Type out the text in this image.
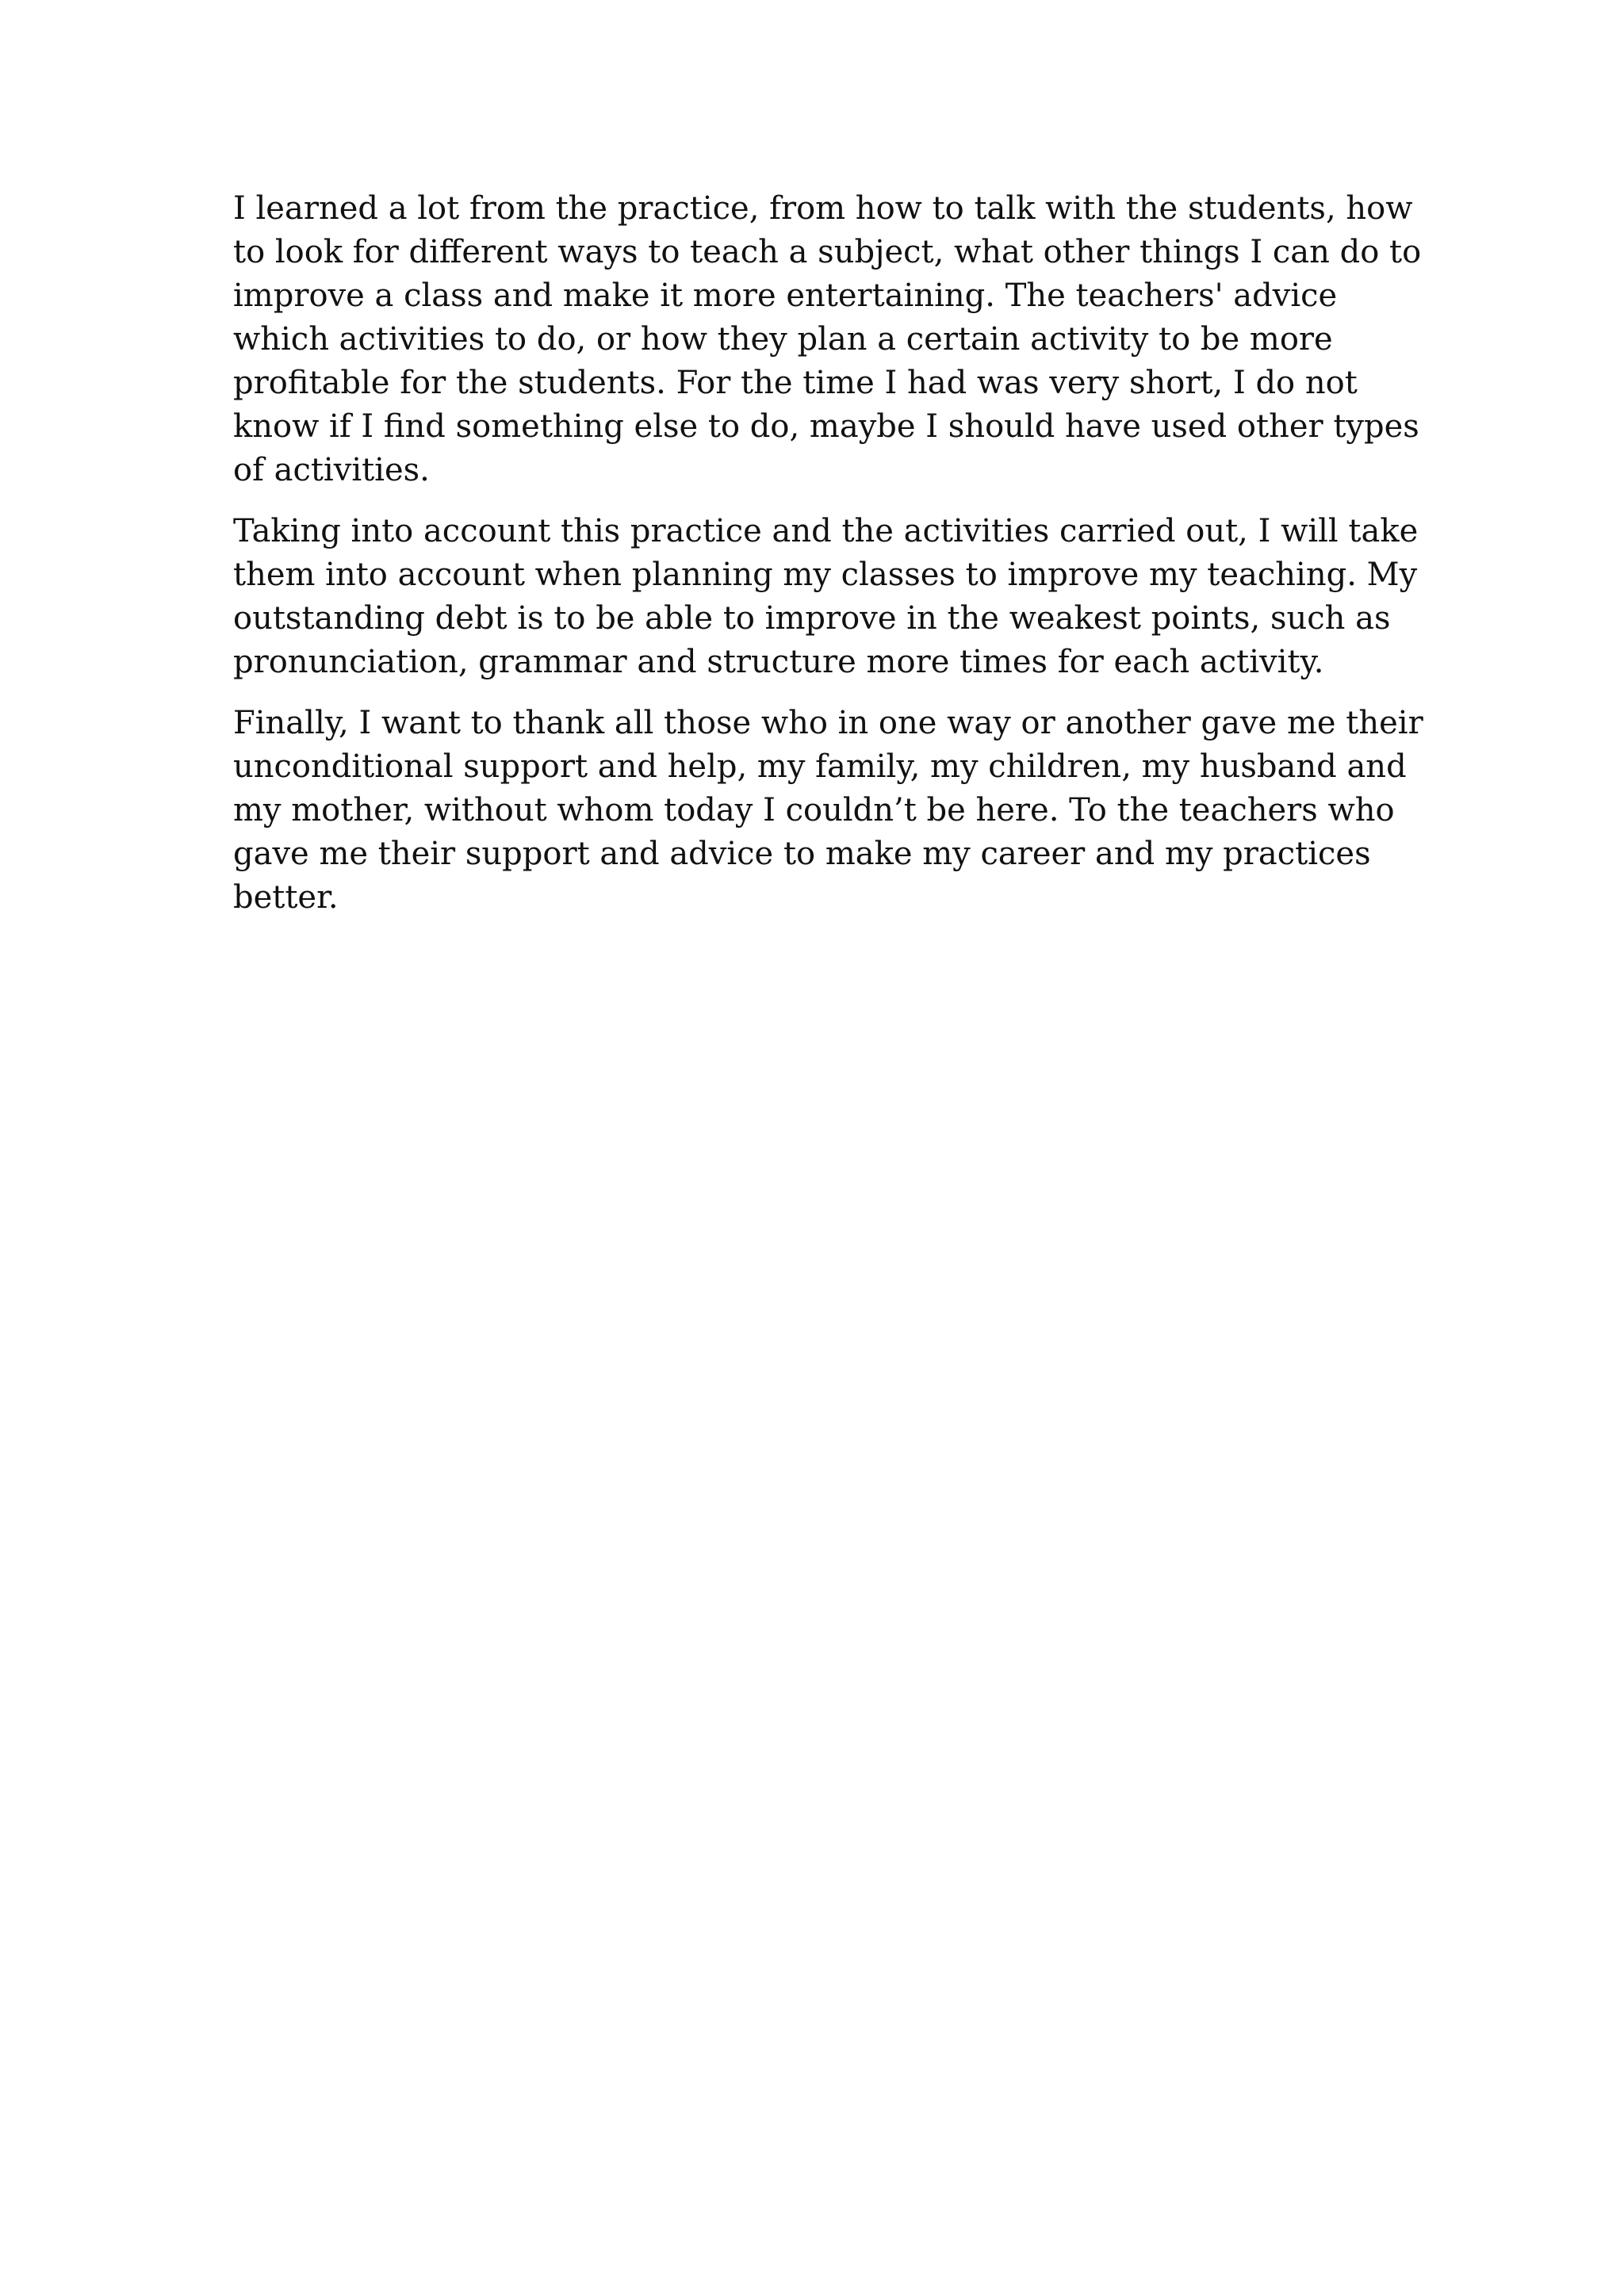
I learned a lot from the practice, from how to talk with the students, how
to look for different ways to teach a subject, what other things I can do to
improve a class and make it more entertaining. The teachers' advice
which activities to do, or how they plan a certain activity to be more
profitable for the students. For the time I had was very short, I do not
know if I find something else to do, maybe I should have used other types
of activities.

Taking into account this practice and the activities carried out, I will take
them into account when planning my classes to improve my teaching. My
outstanding debt is to be able to improve in the weakest points, such as
pronunciation, grammar and structure more times for each activity.

Finally, I want to thank all those who in one way or another gave me their
unconditional support and help, my family, my children, my husband and
my mother, without whom today I couldn’t be here. To the teachers who
gave me their support and advice to make my career and my practices
better.
